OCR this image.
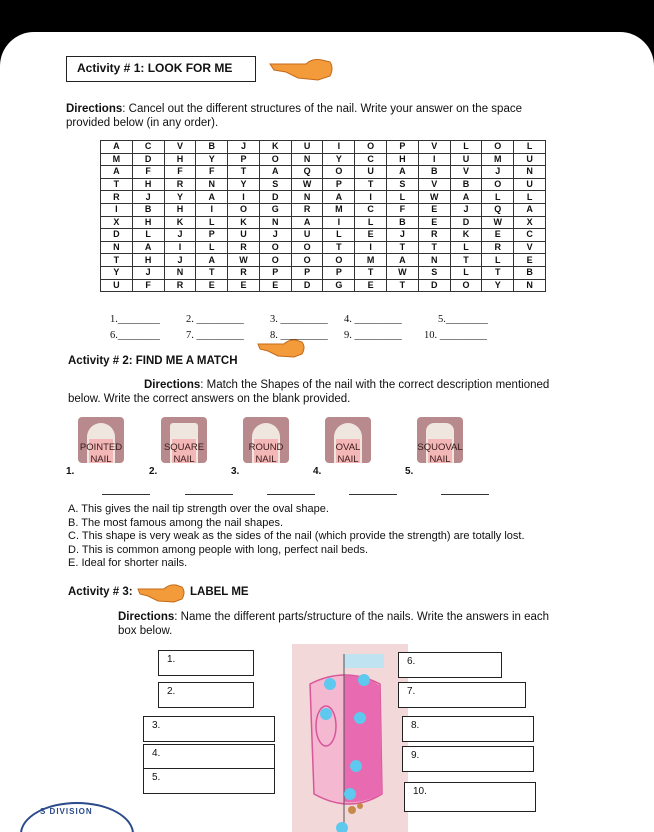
Activity # 1: LOOK FOR ME
Directions: Cancel out the different structures of the nail. Write your answer on the space
provided below (in any order).
A	C	V	B	J	K	U	I	O	P	V	L	O	L
M	D	H	Y	P	O	N	Y	C	H	I	U	M	U
A	F	F	F	T	A	Q	O	U	A	B	V	J	N
T	H	R	N	Y	S	W	P	T	S	V	B	O	U
R	J	Y	A	I	D	N	A	I	L	W	A	L	L
I	B	H	I	O	G	R	M	C	F	E	J	Q	A
X	H	K	L	K	N	A	I	L	B	E	D	W	X
D	L	J	P	U	J	U	L	E	J	R	K	E	C
N	A	I	L	R	O	O	T	I	T	T	L	R	V
T	H	J	A	W	O	O	O	M	A	N	T	L	E
Y	J	N	T	R	P	P	P	T	W	S	L	T	B
U	F	R	E	E	E	D	G	E	T	D	O	Y	N
1.________ 2. _________	3. _________ 4. _________	5.________
6.________ 7. _________	8. _________ 9. _________ 10. _________
Activity # 2: FIND ME A MATCH
Directions: Match the Shapes of the nail with the correct description mentioned
below. Write the correct answers on the blank provided.
POINTED
NAIL
1.
SQUARE
NAIL
2.
ROUND
NAIL
3.
OVAL
NAIL
4.
SQUOVAL
NAIL
5.
A. This gives the nail tip strength over the oval shape.
B. The most famous among the nail shapes.
C. This shape is very weak as the sides of the nail (which provide the strength) are totally lost.
D. This is common among people with long, perfect nail beds.
E. Ideal for shorter nails.
Activity # 3:	LABEL ME
Directions: Name the different parts/structure of the nails. Write the answers in each
box below.
1.
2.
3.
4.
5.
6.
7.
8.
9.
10.
S DIVISION
